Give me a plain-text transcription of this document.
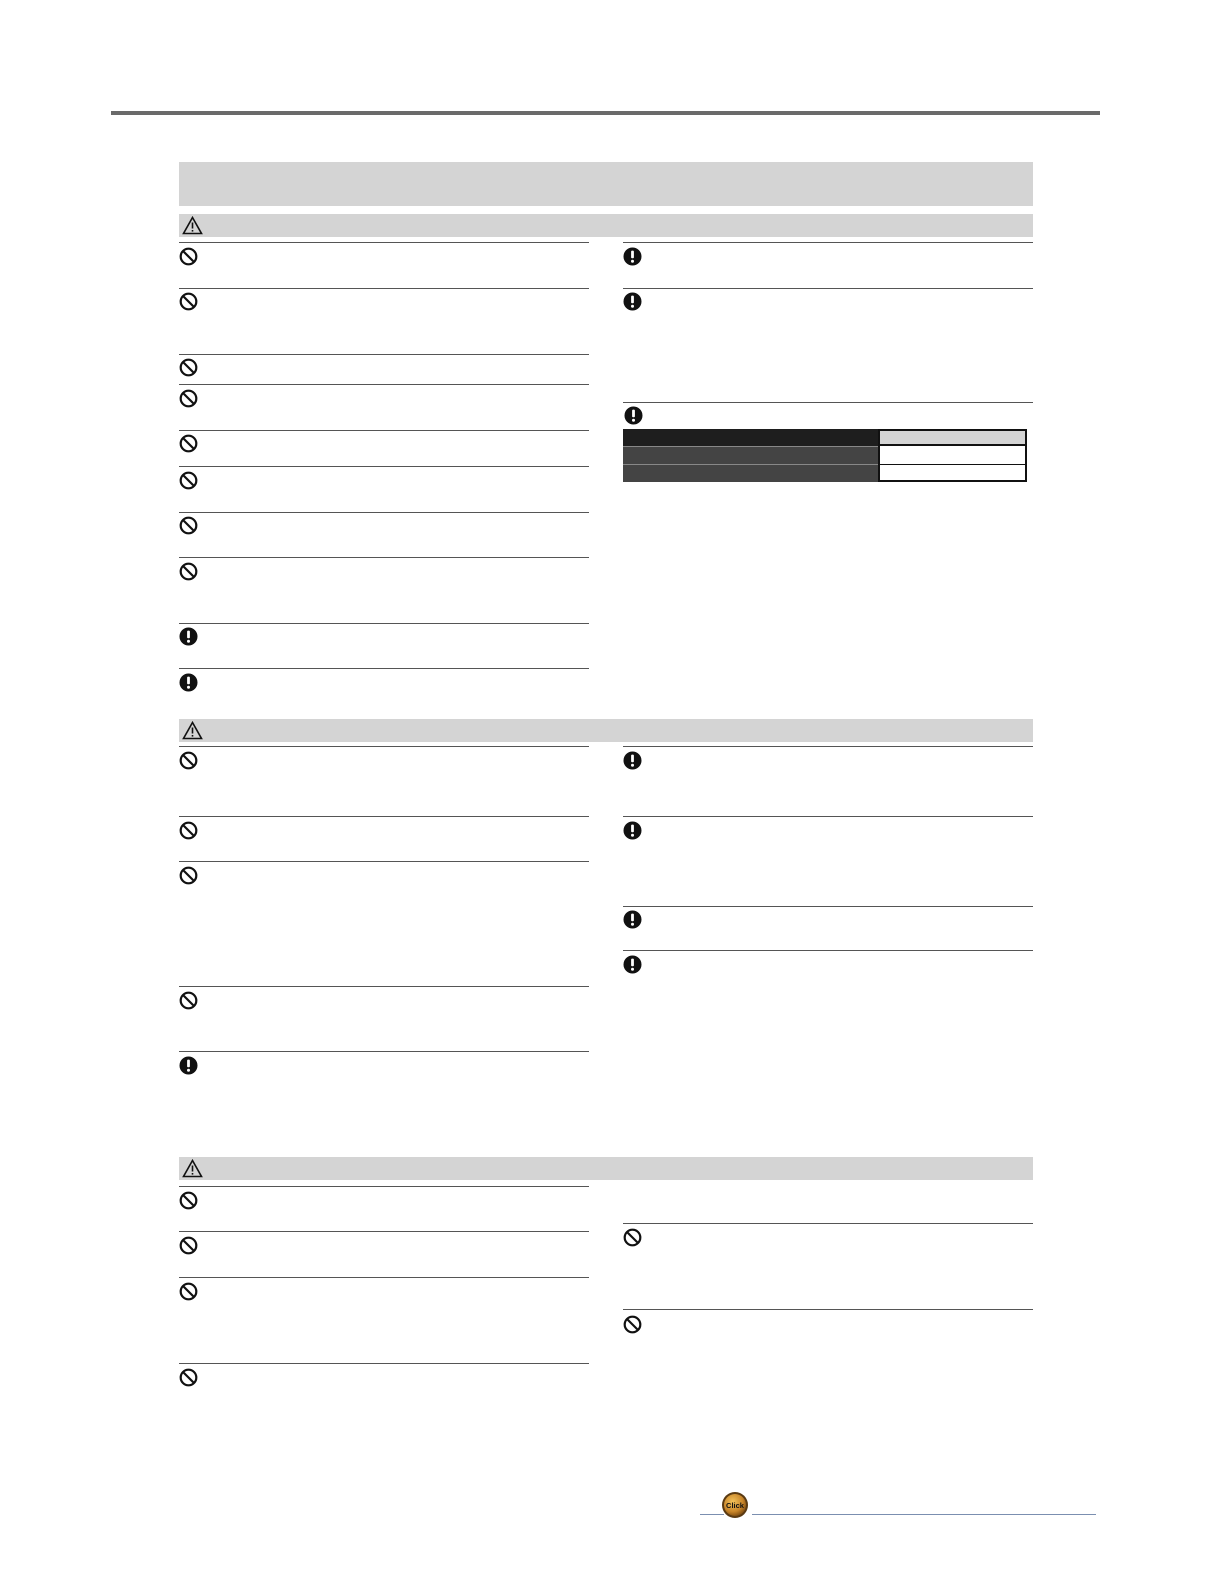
Click
